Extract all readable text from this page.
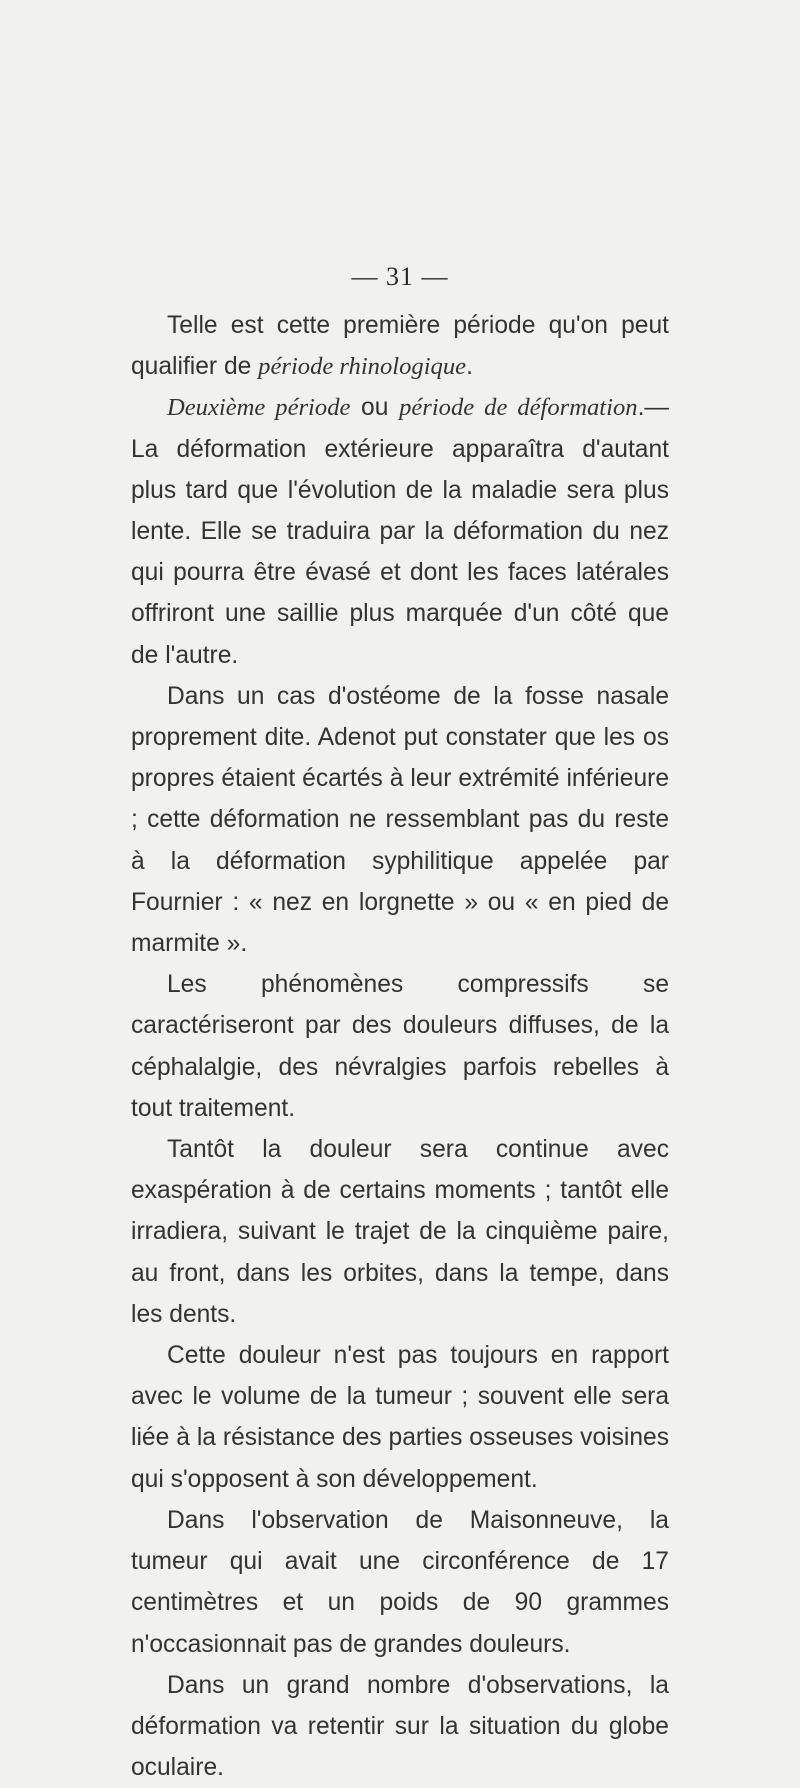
— 31 —

Telle est cette première période qu'on peut qualifier de période rhinologique.

Deuxième période ou période de déformation.— La déformation extérieure apparaîtra d'autant plus tard que l'évolution de la maladie sera plus lente. Elle se traduira par la déformation du nez qui pourra être évasé et dont les faces latérales offriront une saillie plus marquée d'un côté que de l'autre.

Dans un cas d'ostéome de la fosse nasale proprement dite. Adenot put constater que les os propres étaient écartés à leur extrémité inférieure ; cette déformation ne ressemblant pas du reste à la déformation syphilitique appelée par Fournier : « nez en lorgnette » ou « en pied de marmite ».

Les phénomènes compressifs se caractériseront par des douleurs diffuses, de la céphalalgie, des névralgies parfois rebelles à tout traitement.

Tantôt la douleur sera continue avec exaspération à de certains moments ; tantôt elle irradiera, suivant le trajet de la cinquième paire, au front, dans les orbites, dans la tempe, dans les dents.

Cette douleur n'est pas toujours en rapport avec le volume de la tumeur ; souvent elle sera liée à la résistance des parties osseuses voisines qui s'opposent à son développement.

Dans l'observation de Maisonneuve, la tumeur qui avait une circonférence de 17 centimètres et un poids de 90 grammes n'occasionnait pas de grandes douleurs.

Dans un grand nombre d'observations, la déformation va retentir sur la situation du globe oculaire.
